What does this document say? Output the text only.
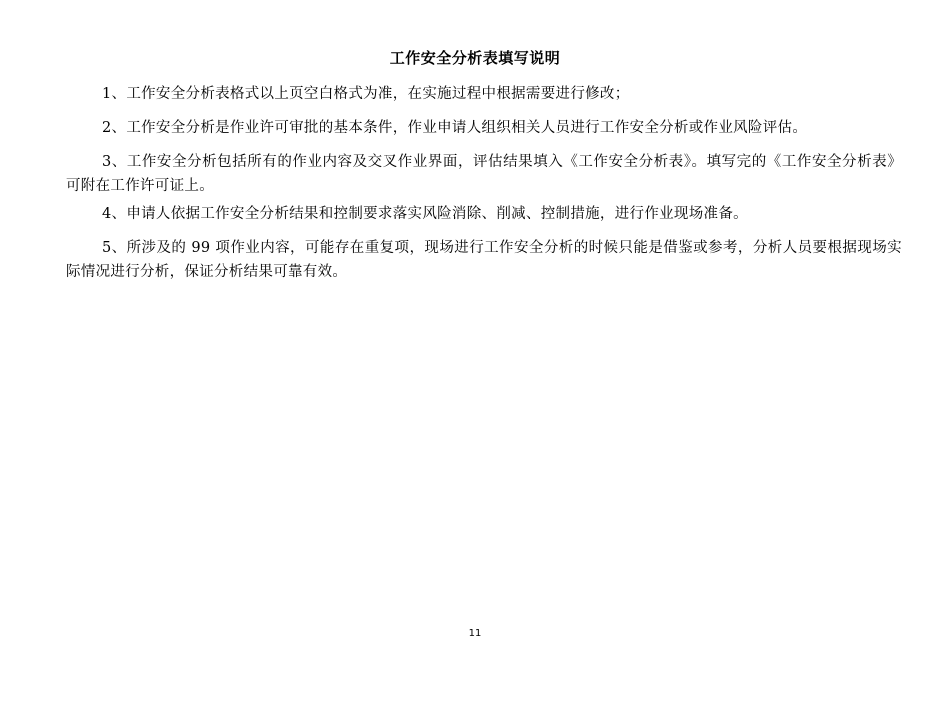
工作安全分析表填写说明

1、工作安全分析表格式以上页空白格式为准，在实施过程中根据需要进行修改；

2、工作安全分析是作业许可审批的基本条件，作业申请人组织相关人员进行工作安全分析或作业风险评估。

3、工作安全分析包括所有的作业内容及交叉作业界面，评估结果填入《工作安全分析表》。填写完的《工作安全分析表》可附在工作许可证上。

4、申请人依据工作安全分析结果和控制要求落实风险消除、削减、控制措施，进行作业现场准备。

5、所涉及的 99 项作业内容，可能存在重复项，现场进行工作安全分析的时候只能是借鉴或参考，分析人员要根据现场实际情况进行分析，保证分析结果可靠有效。

11
